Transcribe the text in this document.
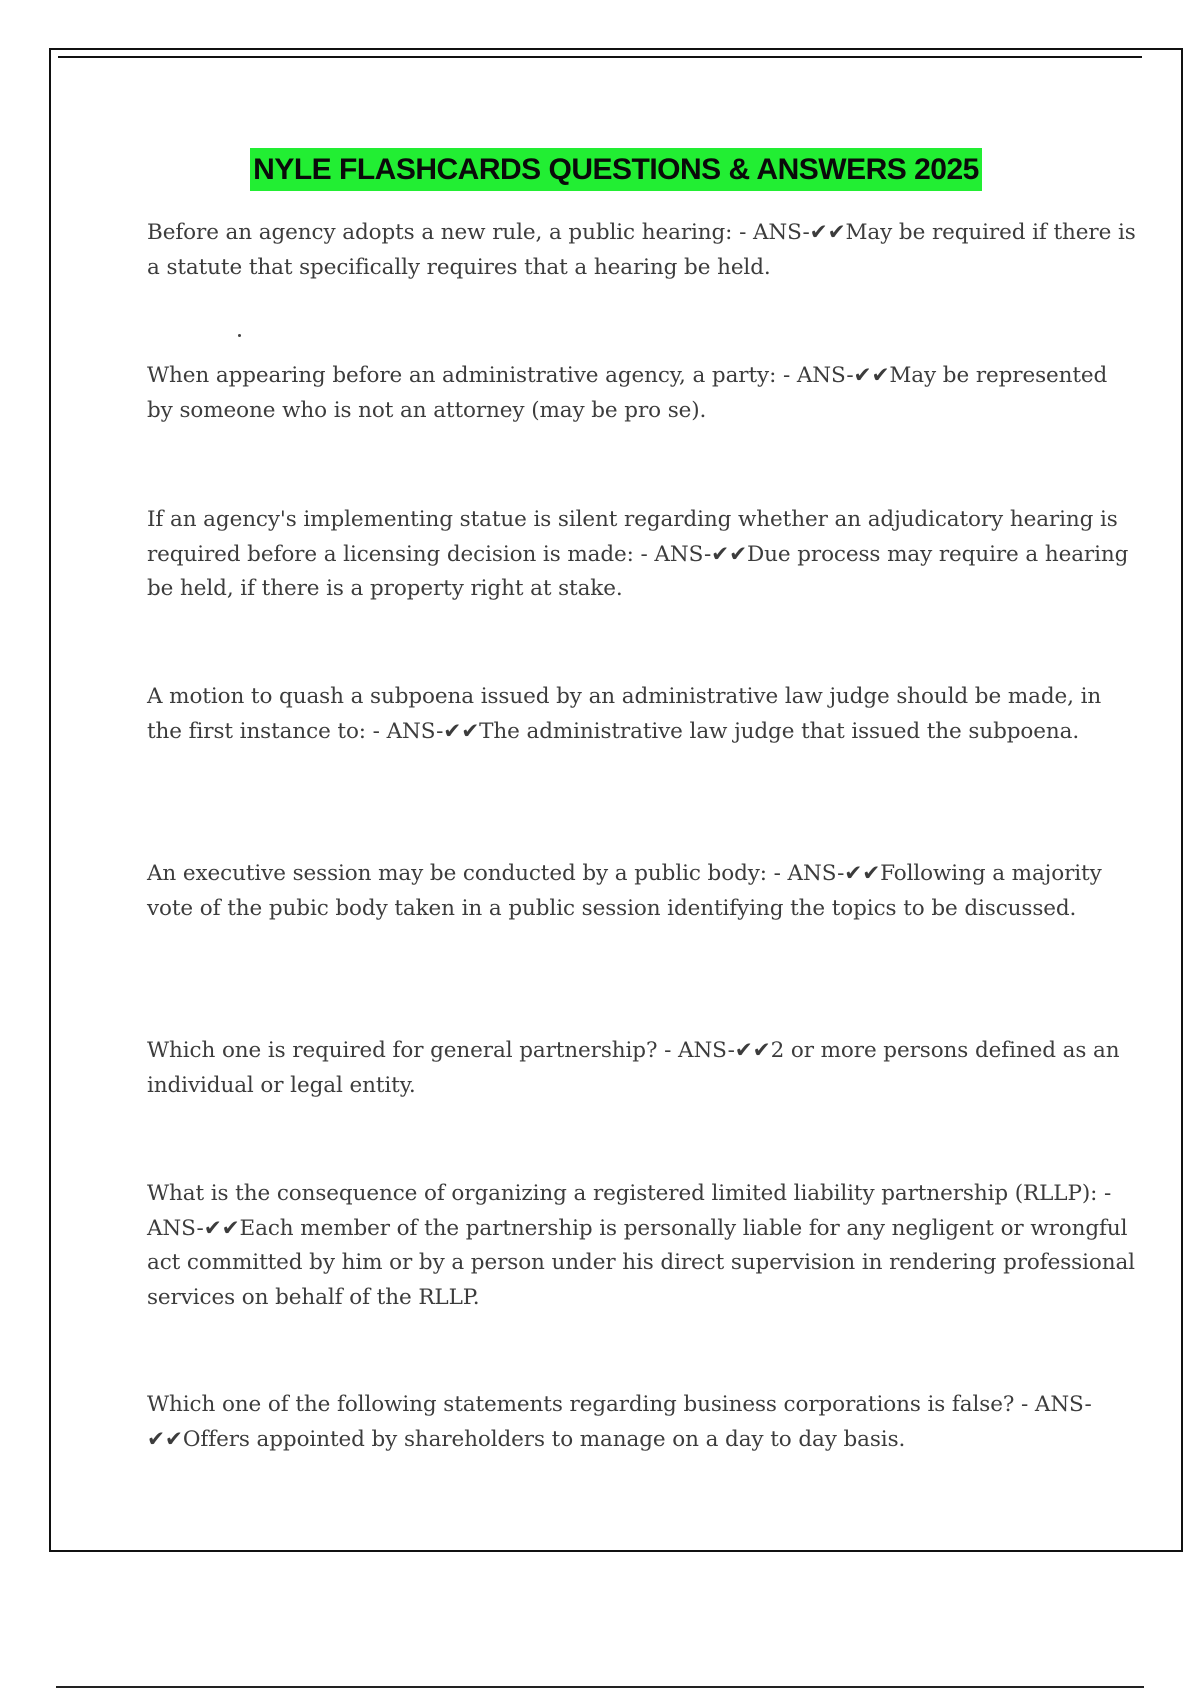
NYLE FLASHCARDS QUESTIONS & ANSWERS 2025

Before an agency adopts a new rule, a public hearing: - ANS-✔✔May be required if there is a statute that specifically requires that a hearing be held.

When appearing before an administrative agency, a party: - ANS-✔✔May be represented by someone who is not an attorney (may be pro se).

If an agency's implementing statue is silent regarding whether an adjudicatory hearing is required before a licensing decision is made: - ANS-✔✔Due process may require a hearing be held, if there is a property right at stake.

A motion to quash a subpoena issued by an administrative law judge should be made, in the first instance to: - ANS-✔✔The administrative law judge that issued the subpoena.

An executive session may be conducted by a public body: - ANS-✔✔Following a majority vote of the pubic body taken in a public session identifying the topics to be discussed.

Which one is required for general partnership? - ANS-✔✔2 or more persons defined as an individual or legal entity.

What is the consequence of organizing a registered limited liability partnership (RLLP): - ANS-✔✔Each member of the partnership is personally liable for any negligent or wrongful act committed by him or by a person under his direct supervision in rendering professional services on behalf of the RLLP.

Which one of the following statements regarding business corporations is false? - ANS-✔✔Offers appointed by shareholders to manage on a day to day basis.
